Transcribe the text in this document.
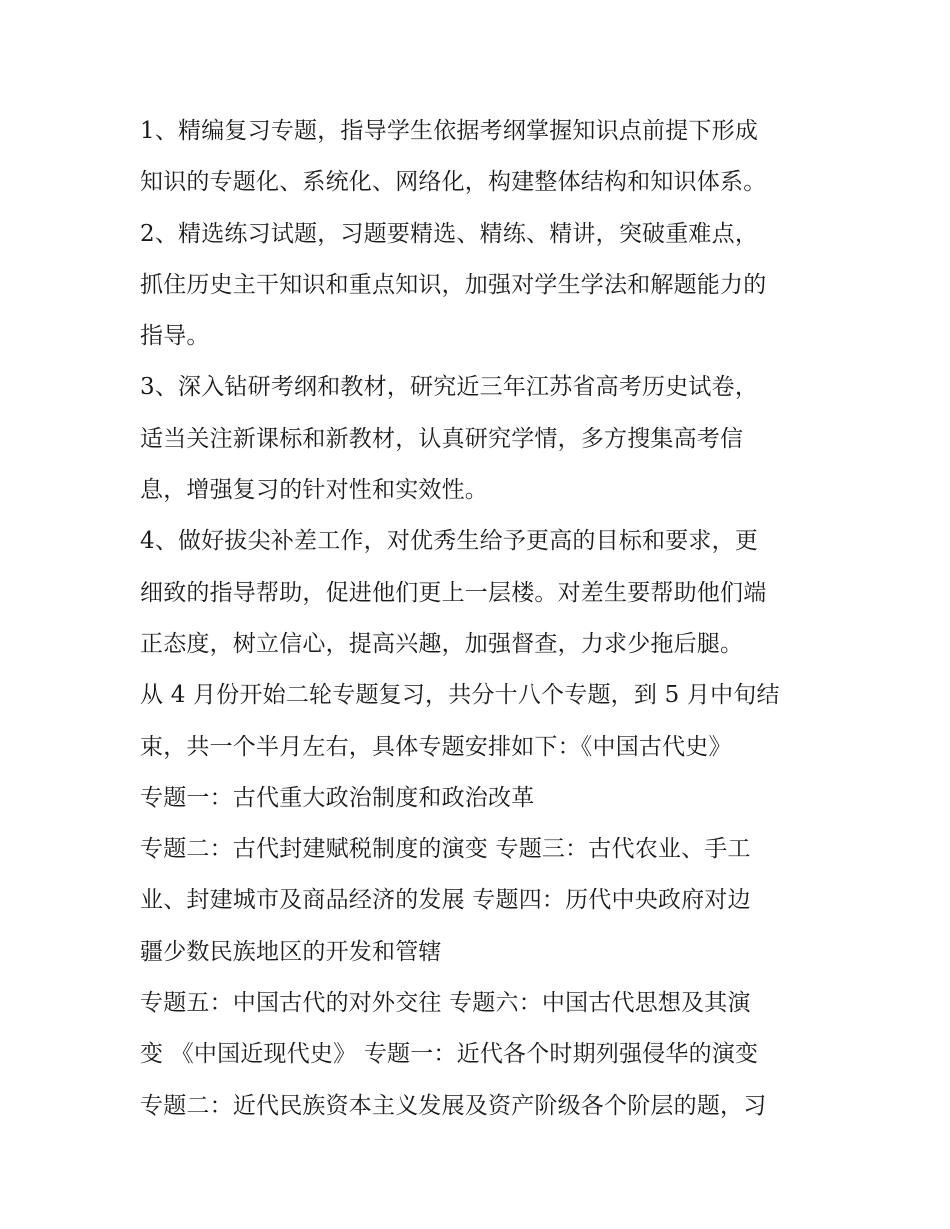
1、精编复习专题，指导学生依据考纲掌握知识点前提下形成
知识的专题化、系统化、网络化，构建整体结构和知识体系。
2、精选练习试题，习题要精选、精练、精讲，突破重难点，
抓住历史主干知识和重点知识，加强对学生学法和解题能力的
指导。
3、深入钻研考纲和教材，研究近三年江苏省高考历史试卷，
适当关注新课标和新教材，认真研究学情，多方搜集高考信
息，增强复习的针对性和实效性。
4、做好拔尖补差工作，对优秀生给予更高的目标和要求，更
细致的指导帮助，促进他们更上一层楼。对差生要帮助他们端
正态度，树立信心，提高兴趣，加强督查，力求少拖后腿。
从 4 月份开始二轮专题复习，共分十八个专题，到 5 月中旬结
束，共一个半月左右，具体专题安排如下：《中国古代史》
专题一：古代重大政治制度和政治改革
专题二：古代封建赋税制度的演变 专题三：古代农业、手工
业、封建城市及商品经济的发展 专题四：历代中央政府对边
疆少数民族地区的开发和管辖
专题五：中国古代的对外交往 专题六：中国古代思想及其演
变 《中国近现代史》 专题一：近代各个时期列强侵华的演变
专题二：近代民族资本主义发展及资产阶级各个阶层的题，习
